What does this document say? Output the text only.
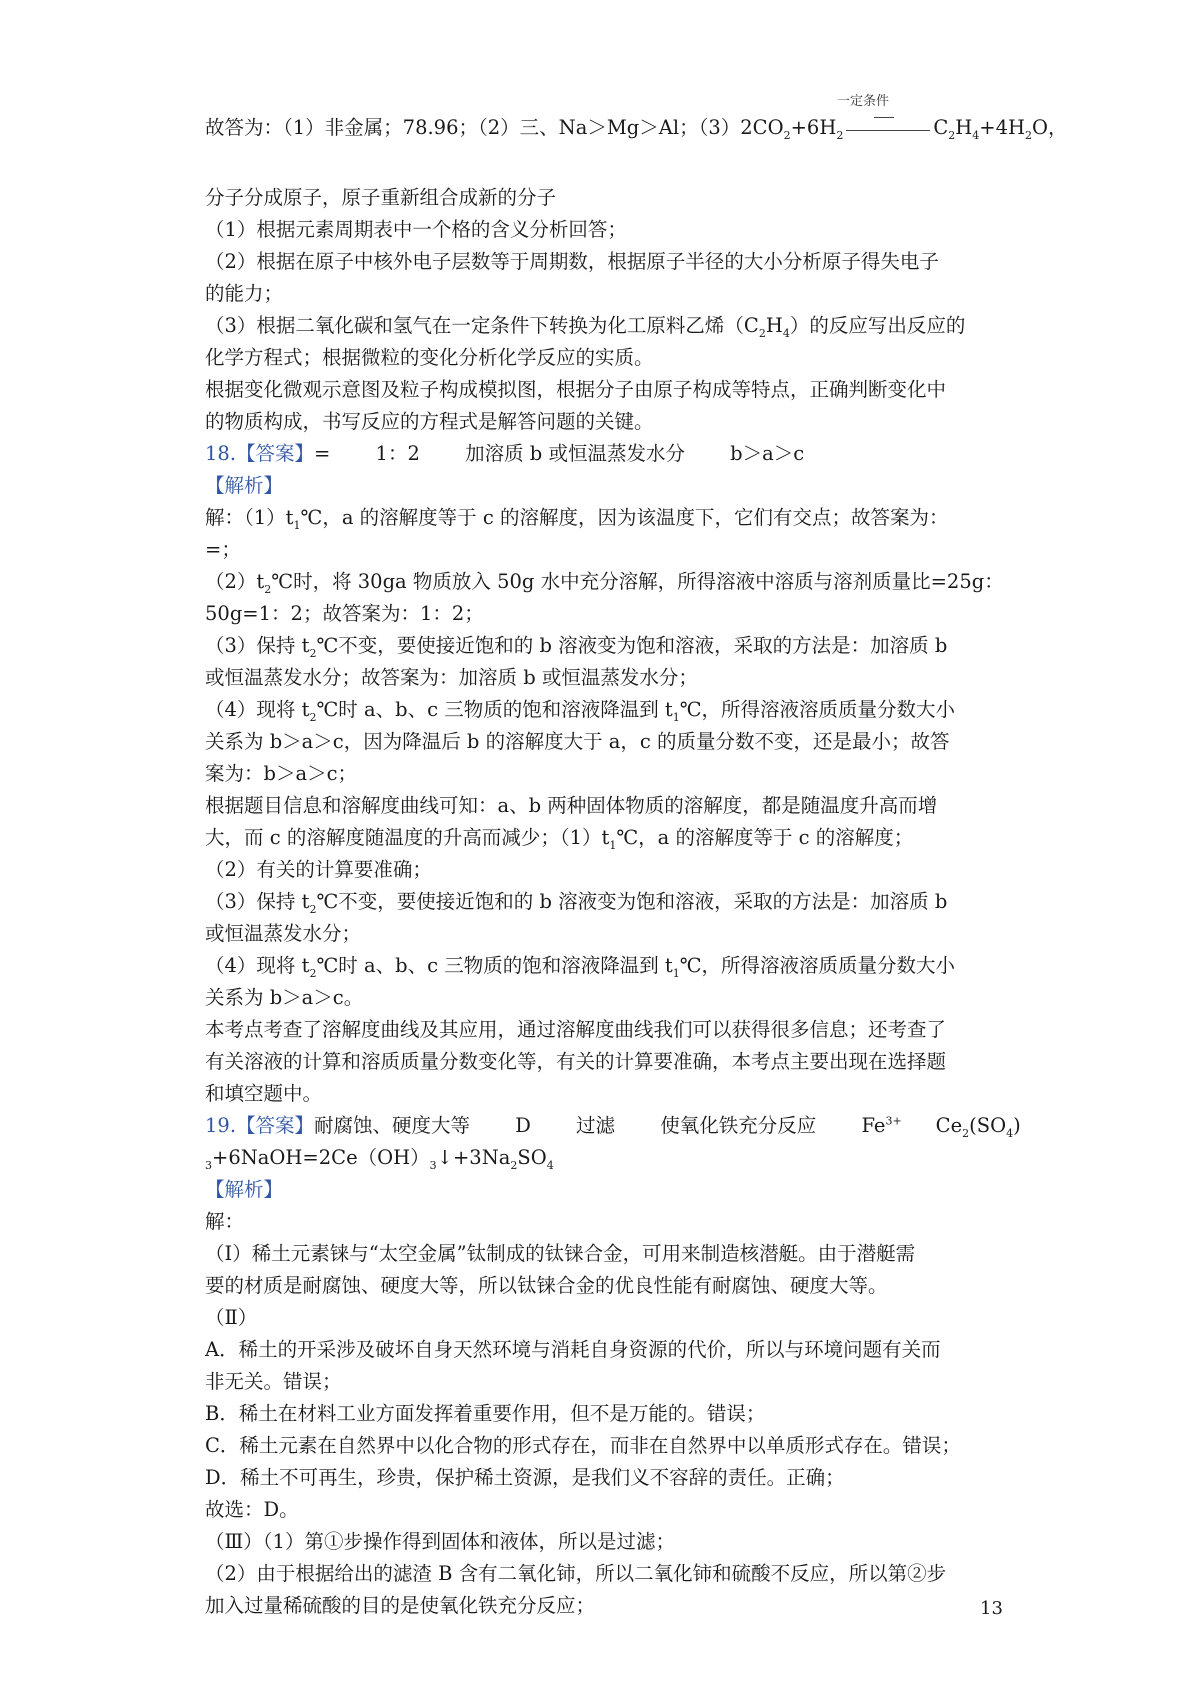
故答为：（1）非金属；78.96；（2）三、Na＞Mg＞Al；$(3)2CO_2+6H_2$	$C_2H_4+4H_2O$，
一定条件

分子分成原子，原子重新组合成新的分子

（1）根据元素周期表中一个格的含义分析回答；

（2）根据在原子中核外电子层数等于周期数，根据原子半径的大小分析原子得失电子

的能力；

（3）根据二氧化碳和氢气在一定条件下转换为化工原料乙烯$(C_2H_4)$的反应写出反应的

化学方程式；根据微粒的变化分析化学反应的实质。

根据变化微观示意图及粒子构成模拟图，根据分子由原子构成等特点，正确判断变化中

的物质构成，书写反应的方程式是解答问题的关键。

18.【答案】=　　 1：2　　 加溶质 b 或恒温蒸发水分　　 b＞a＞c

【解析】

解：$(1)t_1℃$，a 的溶解度等于 c 的溶解度，因为该温度下，它们有交点；故答案为：

=；

$(2)t_2℃$时，将 30ga 物质放入 50g 水中充分溶解，所得溶液中溶质与溶剂质量比=25g：

50g=1：2；故答案为：1：2；

（3）保持 $t_2℃$不变，要使接近饱和的 b 溶液变为饱和溶液，采取的方法是：加溶质 b

或恒温蒸发水分；故答案为：加溶质 b 或恒温蒸发水分；

（4）现将 $t_2℃$时 a、b、c 三物质的饱和溶液降温到 $t_1℃$，所得溶液溶质质量分数大小

关系为 b＞a＞c，因为降温后 b 的溶解度大于 a，c 的质量分数不变，还是最小；故答

案为：b＞a＞c；

根据题目信息和溶解度曲线可知：a、b 两种固体物质的溶解度，都是随温度升高而增

大，而 c 的溶解度随温度的升高而减少；$(1)t_1℃$，a 的溶解度等于 c 的溶解度；

（2）有关的计算要准确；

（3）保持 $t_2℃$不变，要使接近饱和的 b 溶液变为饱和溶液，采取的方法是：加溶质 b

或恒温蒸发水分；

（4）现将 $t_2℃$时 a、b、c 三物质的饱和溶液降温到 $t_1℃$，所得溶液溶质质量分数大小

关系为 b＞a＞c。

本考点考查了溶解度曲线及其应用，通过溶解度曲线我们可以获得很多信息；还考查了

有关溶液的计算和溶质质量分数变化等，有关的计算要准确，本考点主要出现在选择题

和填空题中。

19.【答案】耐腐蚀、硬度大等　　 D　　 过滤　　 使氧化铁充分反应　　 $Fe^{3+}$ $Ce_2(SO_4)$

$_3+6NaOH=2Ce(OH)_3↓+3Na_2SO_4$

【解析】

解：

（Ⅰ）稀土元素铼与“太空金属”钛制成的钛铼合金，可用来制造核潜艇。由于潜艇需

要的材质是耐腐蚀、硬度大等，所以钛铼合金的优良性能有耐腐蚀、硬度大等。

（Ⅱ）

A．稀土的开采涉及破坏自身天然环境与消耗自身资源的代价，所以与环境问题有关而

非无关。错误；

B．稀土在材料工业方面发挥着重要作用，但不是万能的。错误；

C．稀土元素在自然界中以化合物的形式存在，而非在自然界中以单质形式存在。错误；

D．稀土不可再生，珍贵，保护稀土资源，是我们义不容辞的责任。正确；

故选：D。

（Ⅲ）（1）第①步操作得到固体和液体，所以是过滤；

（2）由于根据给出的滤渣 B 含有二氧化铈，所以二氧化铈和硫酸不反应，所以第②步

加入过量稀硫酸的目的是使氧化铁充分反应；	13
